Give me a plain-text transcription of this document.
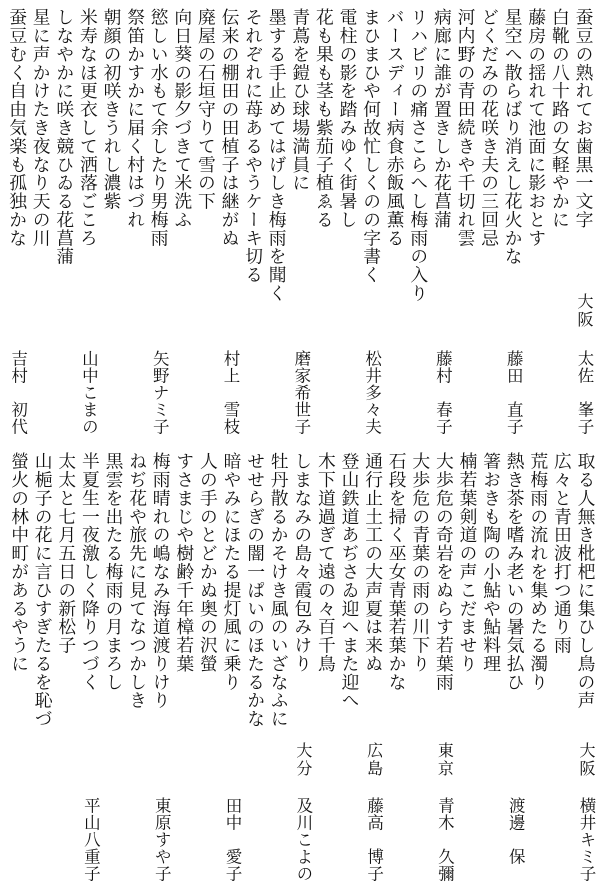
蚕豆の熟れてお歯黒一文字
白靴の八十路の女軽やかに
藤房の揺れて池面に影おとす
星空へ散らばり消えし花火かな
どくだみの花咲き夫の三回忌
河内野の青田続きや千切れ雲
病廊に誰が置きしか花菖蒲
リハビリの痛さこらへし梅雨の入り
バースディー病食赤飯風薫る
まひまひや何故忙しくのの字書く
電柱の影を踏みゆく街暑し
花も果も茎も紫茄子植ゑる
青蔦を鎧ひ球場満員に
墨する手止めてはげしき梅雨を聞く
それぞれに苺あるやうケーキ切る
伝来の棚田の田植子は継がぬ
廃屋の石垣守りて雪の下
向日葵の影夕づきて米洗ふ
慾しい水もて余したり男梅雨
祭笛かすかに届く村はづれ
朝顔の初咲きうれし濃紫
米寿なほ更衣して洒落ごころ
しなやかに咲き競ひゐる花菖蒲
星に声かけたき夜なり天の川
蚕豆むく自由気楽も孤独かな
大阪
太佐　峯子
藤田　直子
藤村　春子
松井多々夫
磨家希世子
村上　雪枝
矢野ナミ子
山中こまの
吉村　初代
取る人無き枇杷に集ひし鳥の声
広々と青田波打つ通り雨
荒梅雨の流れを集めたる濁り
熱き茶を嗜み老いの暑気払ひ
箸おきも陶の小鮎や鮎料理
楠若葉剣道の声こだませり
大歩危の奇岩をぬらす若葉雨
大歩危の青葉の雨の川下り
石段を掃く巫女青葉若葉かな
通行止土工の大声夏は来ぬ
登山鉄道あぢさゐ迎へまた迎へ
木下道過ぎて遠の々百千鳥
しまなみの島々霞包みけり
牡丹散るかそけき風のいざなふに
せせらぎの闇一ぱいのほたるかな
暗やみにほたる提灯風に乗り
人の手のとどかぬ奥の沢螢
すさまじや樹齢千年樟若葉
梅雨晴れの嶋なみ海道渡りけり
ねぢ花や旅先に見てなつかしき
黒雲を出たる梅雨の月まろし
半夏生一夜激しく降りつづく
太太と七月五日の新松子
山梔子の花に言ひすぎたるを恥づ
螢火の林中町があるやうに
大阪
横井キミ子
渡邊　保
東京
青木　久彌
広島
藤高　博子
大分
及川こよの
田中　愛子
東原すや子
平山八重子
